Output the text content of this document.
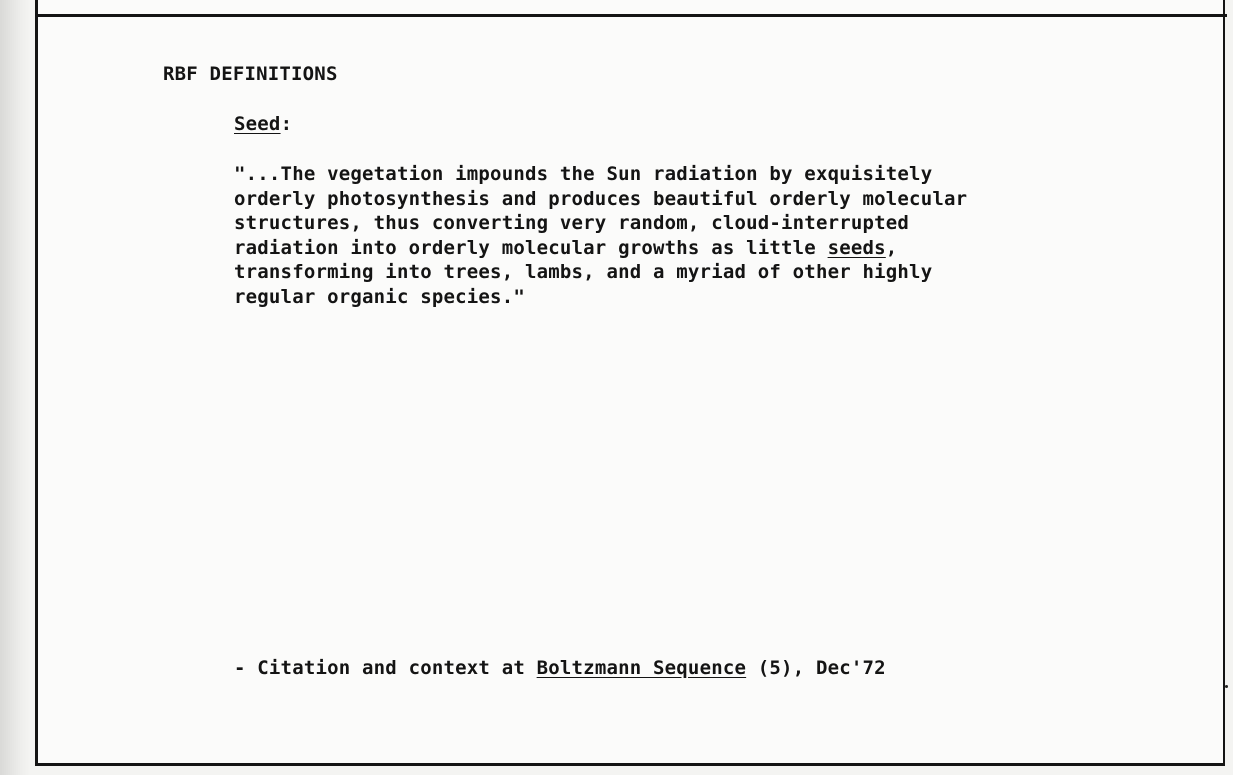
RBF DEFINITIONS
Seed:
"...The vegetation impounds the Sun radiation by exquisitely
orderly photosynthesis and produces beautiful orderly molecular
structures, thus converting very random, cloud-interrupted
radiation into orderly molecular growths as little seeds,
transforming into trees, lambs, and a myriad of other highly
regular organic species."
- Citation and context at Boltzmann Sequence (5), Dec'72
